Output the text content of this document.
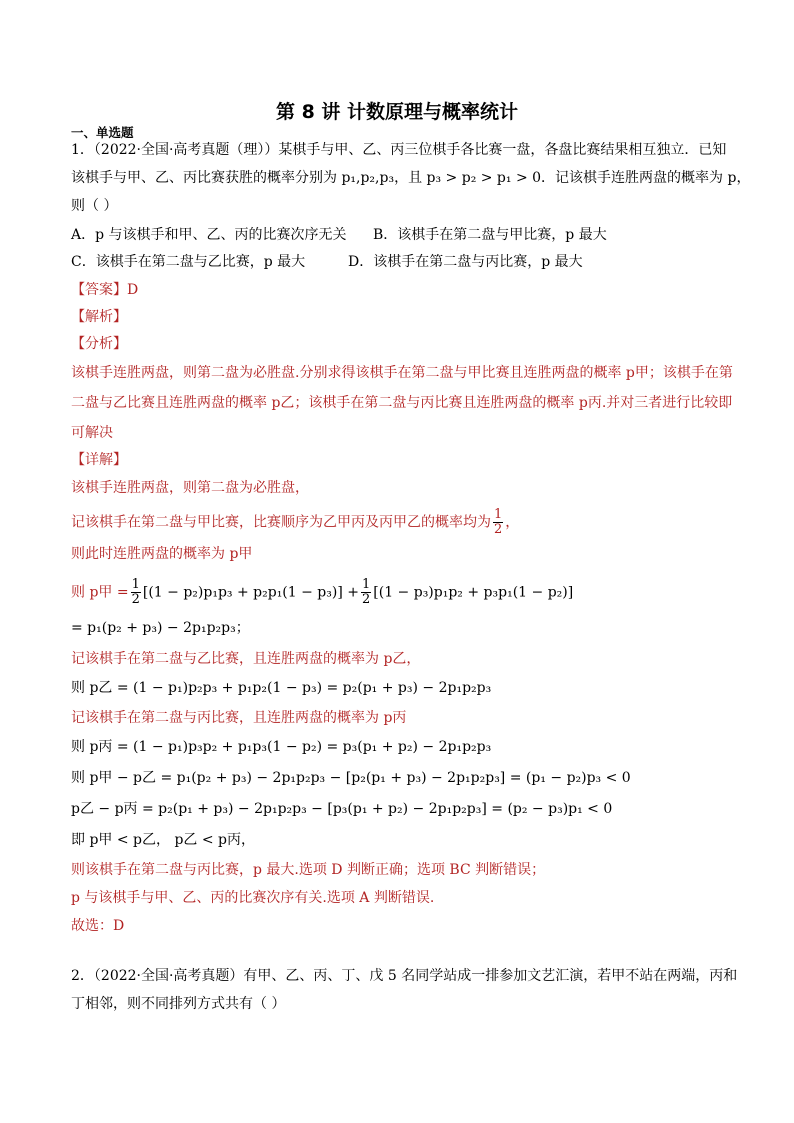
第 8 讲 计数原理与概率统计
一、单选题
1．（2022·全国·高考真题（理））某棋手与甲、乙、丙三位棋手各比赛一盘，各盘比赛结果相互独立．已知
该棋手与甲、乙、丙比赛获胜的概率分别为 p₁,p₂,p₃，且 p₃ > p₂ > p₁ > 0．记该棋手连胜两盘的概率为 p，
则（ ）
A．p 与该棋手和甲、乙、丙的比赛次序无关 B．该棋手在第二盘与甲比赛，p 最大
C．该棋手在第二盘与乙比赛，p 最大	D．该棋手在第二盘与丙比赛，p 最大
【答案】D
【解析】
【分析】
该棋手连胜两盘，则第二盘为必胜盘.分别求得该棋手在第二盘与甲比赛且连胜两盘的概率 p甲；该棋手在第
二盘与乙比赛且连胜两盘的概率 p乙；该棋手在第二盘与丙比赛且连胜两盘的概率 p丙.并对三者进行比较即
可解决
【详解】
该棋手连胜两盘，则第二盘为必胜盘，
记该棋手在第二盘与甲比赛，比赛顺序为乙甲丙及丙甲乙的概率均为 $\frac{1}{2}$ ，
则此时连胜两盘的概率为 p甲
则 p甲 = $\frac{1}{2} [(1 - p_2)p_1p_3 + p_2p_1(1 - p_3)] + \frac{1}{2} [(1 - p_3)p_1p_2 + p_3p_1(1 - p_2)]$
= p₁(p₂ + p₃) − 2p₁p₂p₃；
记该棋手在第二盘与乙比赛，且连胜两盘的概率为 p乙，
则 p乙 = (1 − p₁)p₂p₃ + p₁p₂(1 − p₃) = p₂(p₁ + p₃) − 2p₁p₂p₃
记该棋手在第二盘与丙比赛，且连胜两盘的概率为 p丙
则 p丙 = (1 − p₁)p₃p₂ + p₁p₃(1 − p₂) = p₃(p₁ + p₂) − 2p₁p₂p₃
则 p甲 − p乙 = p₁(p₂ + p₃) − 2p₁p₂p₃ − [p₂(p₁ + p₃) − 2p₁p₂p₃] = (p₁ − p₂)p₃ < 0
p乙 − p丙 = p₂(p₁ + p₃) − 2p₁p₂p₃ − [p₃(p₁ + p₂) − 2p₁p₂p₃] = (p₂ − p₃)p₁ < 0
即 p甲 < p乙， p乙 < p丙，
则该棋手在第二盘与丙比赛，p 最大.选项 D 判断正确；选项 BC 判断错误；
p 与该棋手与甲、乙、丙的比赛次序有关.选项 A 判断错误.
故选：D
2．（2022·全国·高考真题）有甲、乙、丙、丁、戊 5 名同学站成一排参加文艺汇演，若甲不站在两端，丙和
丁相邻，则不同排列方式共有（ ）
